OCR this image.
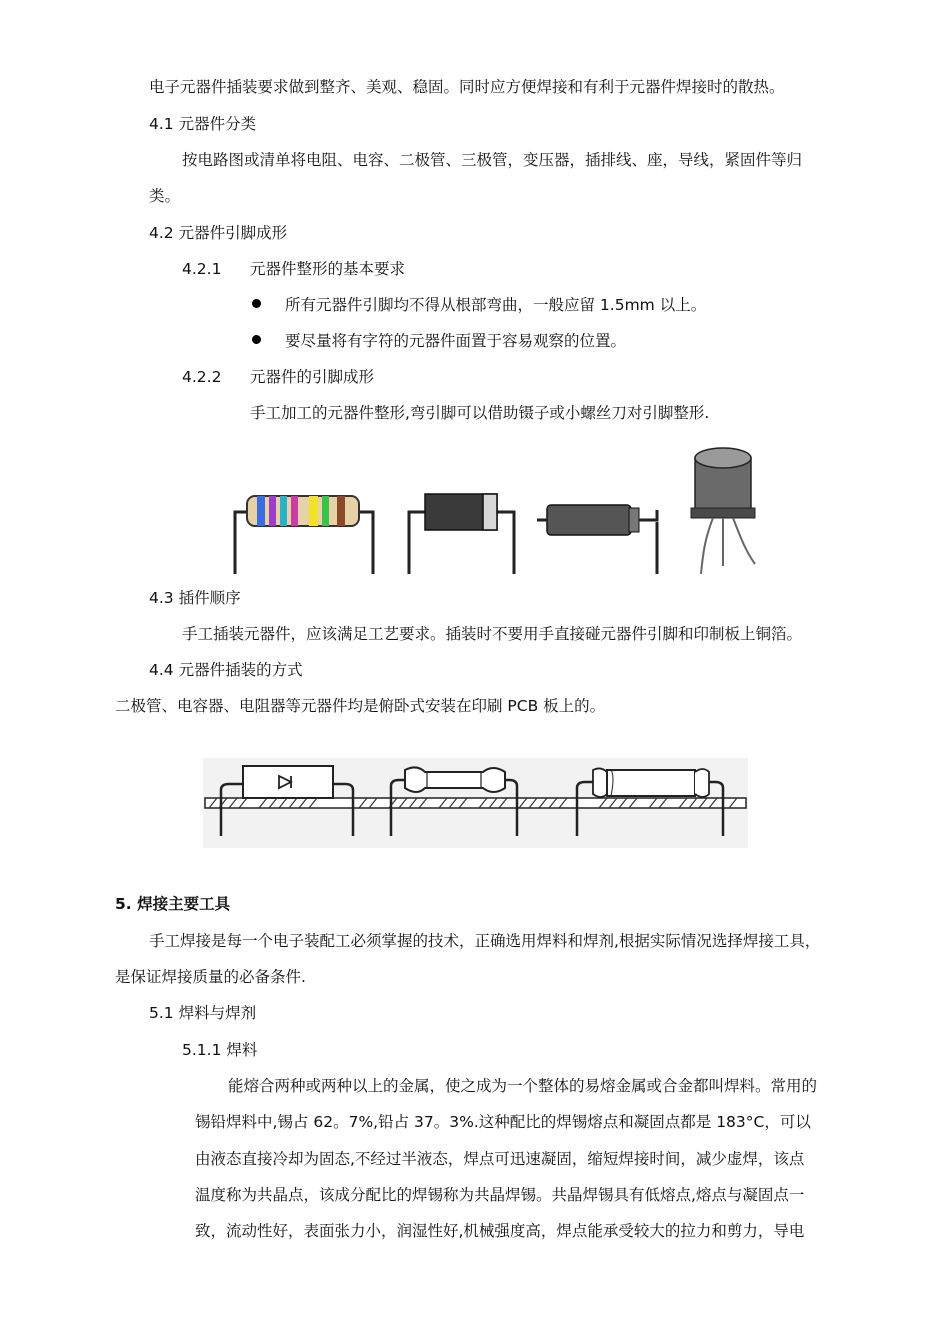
电子元器件插装要求做到整齐、美观、稳固。同时应方便焊接和有利于元器件焊接时的散热。
4.1 元器件分类
按电路图或清单将电阻、电容、二极管、三极管，变压器，插排线、座，导线，紧固件等归
类。
4.2 元器件引脚成形
4.2.1 元器件整形的基本要求
所有元器件引脚均不得从根部弯曲，一般应留 1.5mm 以上。
要尽量将有字符的元器件面置于容易观察的位置。
4.2.2 元器件的引脚成形
手工加工的元器件整形,弯引脚可以借助镊子或小螺丝刀对引脚整形.
4.3 插件顺序
手工插装元器件，应该满足工艺要求。插装时不要用手直接碰元器件引脚和印制板上铜箔。
4.4 元器件插装的方式
二极管、电容器、电阻器等元器件均是俯卧式安装在印刷 PCB 板上的。
5. 焊接主要工具
手工焊接是每一个电子装配工必须掌握的技术，正确选用焊料和焊剂,根据实际情况选择焊接工具，
是保证焊接质量的必备条件.
5.1 焊料与焊剂
5.1.1 焊料
能熔合两种或两种以上的金属，使之成为一个整体的易熔金属或合金都叫焊料。常用的
锡铅焊料中,锡占 62。7%,铅占 37。3%.这种配比的焊锡熔点和凝固点都是 183°C，可以
由液态直接冷却为固态,不经过半液态，焊点可迅速凝固，缩短焊接时间，减少虚焊，该点
温度称为共晶点，该成分配比的焊锡称为共晶焊锡。共晶焊锡具有低熔点,熔点与凝固点一
致，流动性好，表面张力小，润湿性好,机械强度高，焊点能承受较大的拉力和剪力，导电
